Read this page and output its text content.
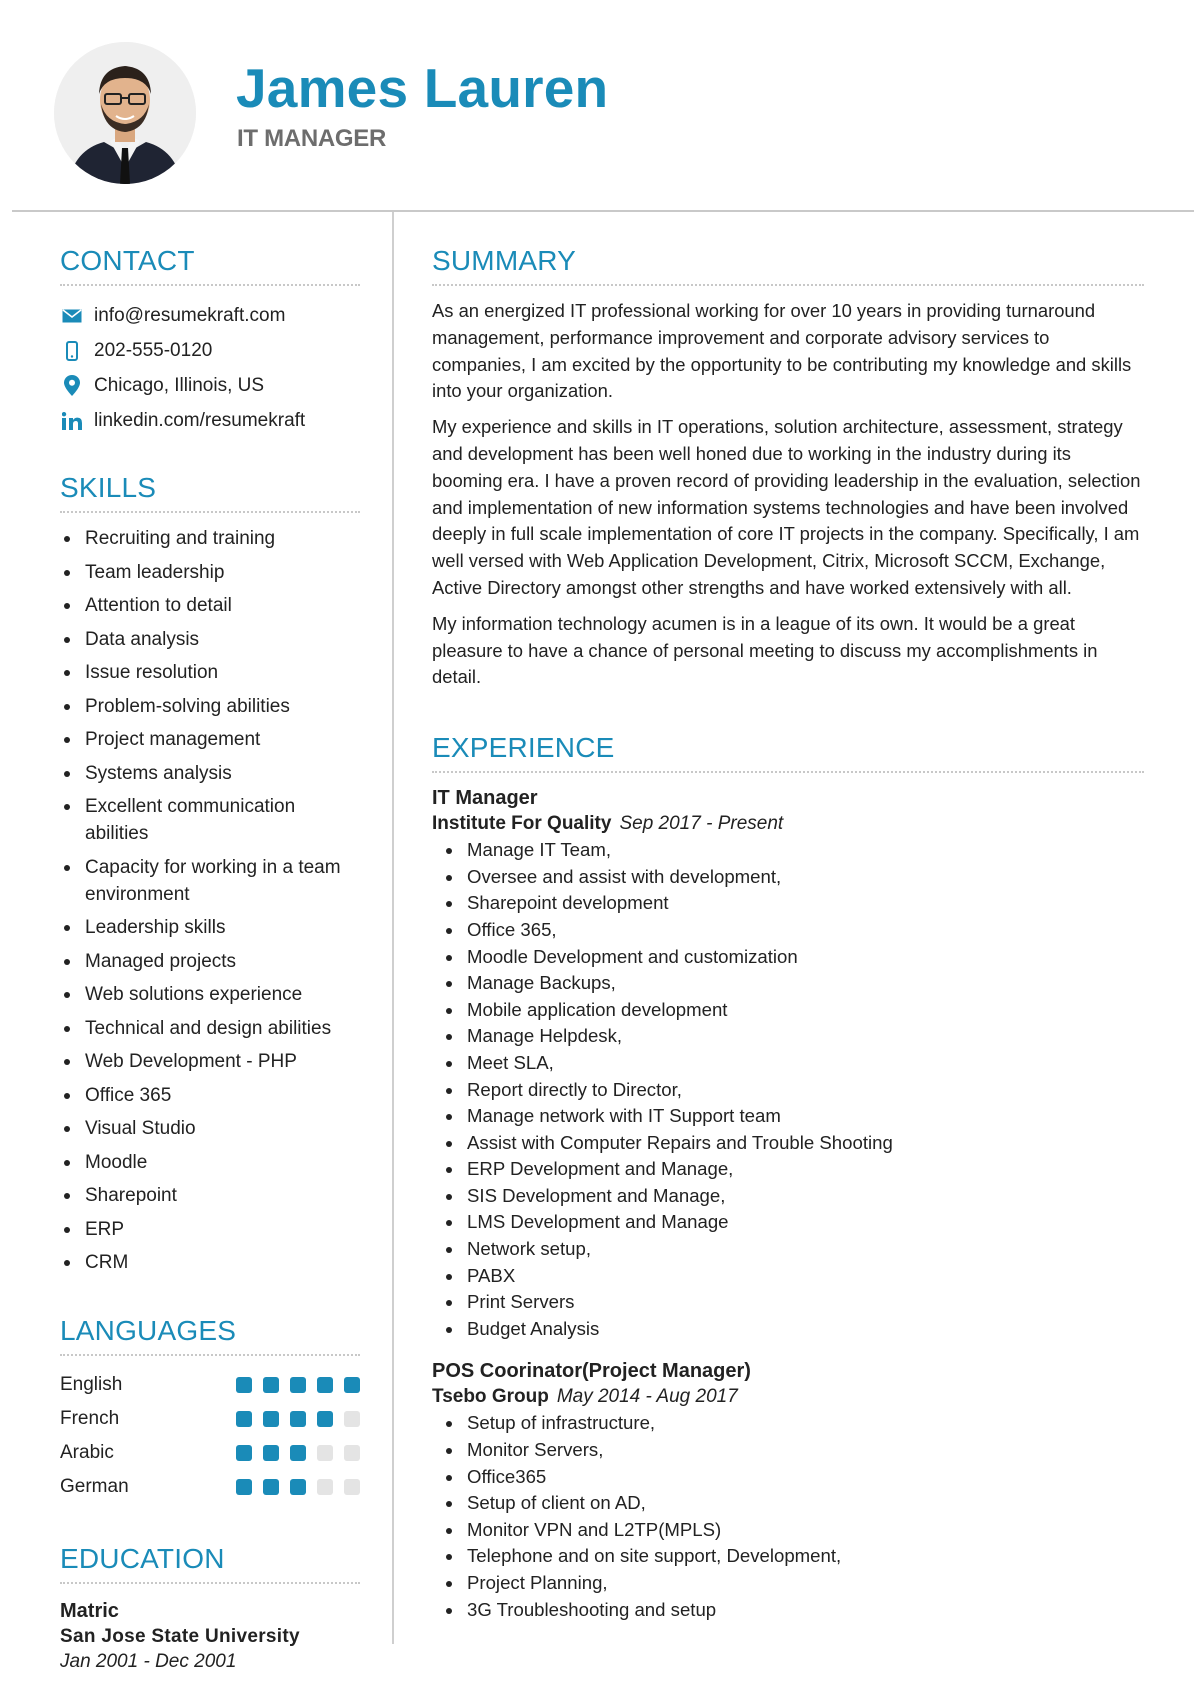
James Lauren
IT MANAGER
CONTACT
info@resumekraft.com
202-555-0120
Chicago, Illinois, US
linkedin.com/resumekraft
SKILLS
Recruiting and training
Team leadership
Attention to detail
Data analysis
Issue resolution
Problem-solving abilities
Project management
Systems analysis
Excellent communication abilities
Capacity for working in a team environment
Leadership skills
Managed projects
Web solutions experience
Technical and design abilities
Web Development - PHP
Office 365
Visual Studio
Moodle
Sharepoint
ERP
CRM
LANGUAGES
English
French
Arabic
German
EDUCATION
Matric
San Jose State University
Jan 2001 - Dec 2001
SUMMARY

As an energized IT professional working for over 10 years in providing turnaround management, performance improvement and corporate advisory services to companies, I am excited by the opportunity to be contributing my knowledge and skills into your organization.

My experience and skills in IT operations, solution architecture, assessment, strategy and development has been well honed due to working in the industry during its booming era. I have a proven record of providing leadership in the evaluation, selection and implementation of new information systems technologies and have been involved deeply in full scale implementation of core IT projects in the company. Specifically, I am well versed with Web Application Development, Citrix, Microsoft SCCM, Exchange, Active Directory amongst other strengths and have worked extensively with all.

My information technology acumen is in a league of its own. It would be a great pleasure to have a chance of personal meeting to discuss my accomplishments in detail.

EXPERIENCE
IT Manager
Institute For Quality Sep 2017 - Present
Manage IT Team,
Oversee and assist with development,
Sharepoint development
Office 365,
Moodle Development and customization
Manage Backups,
Mobile application development
Manage Helpdesk,
Meet SLA,
Report directly to Director,
Manage network with IT Support team
Assist with Computer Repairs and Trouble Shooting
ERP Development and Manage,
SIS Development and Manage,
LMS Development and Manage
Network setup,
PABX
Print Servers
Budget Analysis
POS Coorinator(Project Manager)
Tsebo Group May 2014 - Aug 2017
Setup of infrastructure,
Monitor Servers,
Office365
Setup of client on AD,
Monitor VPN and L2TP(MPLS)
Telephone and on site support, Development,
Project Planning,
3G Troubleshooting and setup
